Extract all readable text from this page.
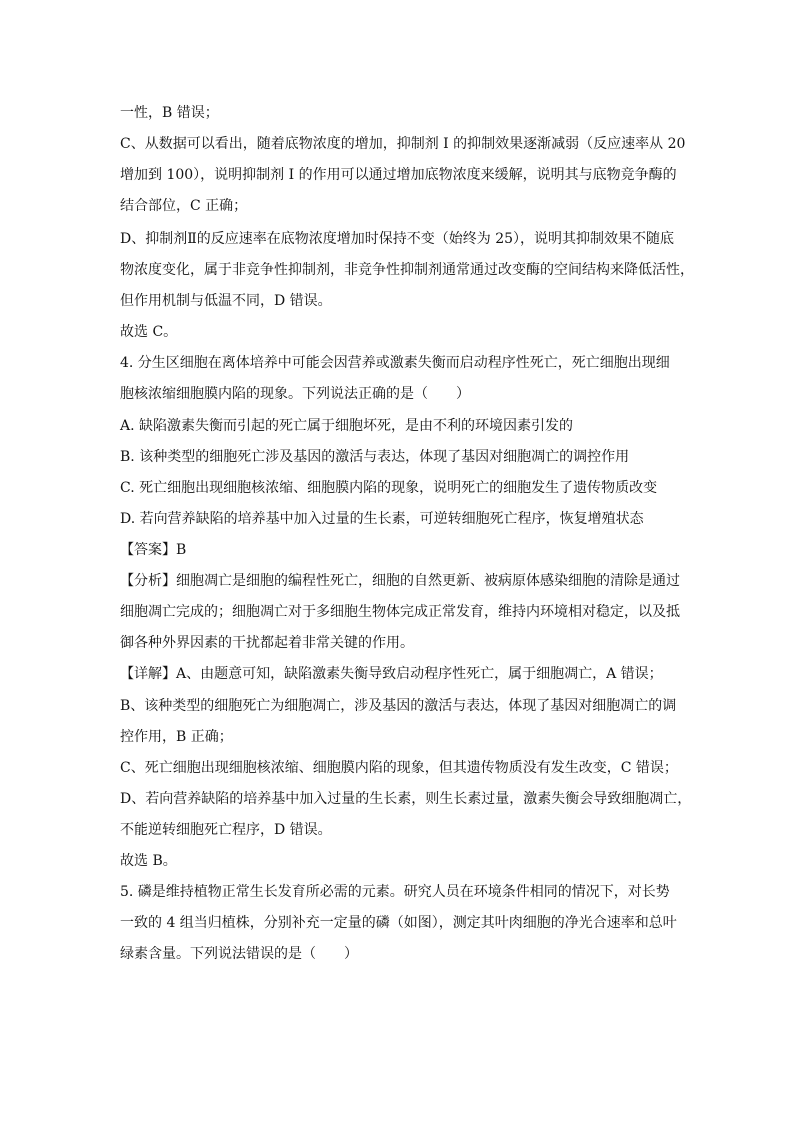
一性，B 错误；
C、从数据可以看出，随着底物浓度的增加，抑制剂 I 的抑制效果逐渐减弱（反应速率从 20
增加到 100），说明抑制剂 I 的作用可以通过增加底物浓度来缓解，说明其与底物竞争酶的
结合部位，C 正确；
D、抑制剂Ⅱ的反应速率在底物浓度增加时保持不变（始终为 25），说明其抑制效果不随底
物浓度变化，属于非竞争性抑制剂，非竞争性抑制剂通常通过改变酶的空间结构来降低活性，
但作用机制与低温不同，D 错误。
故选 C。
4. 分生区细胞在离体培养中可能会因营养或激素失衡而启动程序性死亡，死亡细胞出现细
胞核浓缩细胞膜内陷的现象。下列说法正确的是（　　）
A. 缺陷激素失衡而引起的死亡属于细胞坏死，是由不利的环境因素引发的
B. 该种类型的细胞死亡涉及基因的激活与表达，体现了基因对细胞凋亡的调控作用
C. 死亡细胞出现细胞核浓缩、细胞膜内陷的现象，说明死亡的细胞发生了遗传物质改变
D. 若向营养缺陷的培养基中加入过量的生长素，可逆转细胞死亡程序，恢复增殖状态
【答案】B
【分析】细胞凋亡是细胞的编程性死亡，细胞的自然更新、被病原体感染细胞的清除是通过
细胞凋亡完成的；细胞凋亡对于多细胞生物体完成正常发育，维持内环境相对稳定，以及抵
御各种外界因素的干扰都起着非常关键的作用。
【详解】A、由题意可知，缺陷激素失衡导致启动程序性死亡，属于细胞凋亡，A 错误；
B、该种类型的细胞死亡为细胞凋亡，涉及基因的激活与表达，体现了基因对细胞凋亡的调
控作用，B 正确；
C、死亡细胞出现细胞核浓缩、细胞膜内陷的现象，但其遗传物质没有发生改变，C 错误；
D、若向营养缺陷的培养基中加入过量的生长素，则生长素过量，激素失衡会导致细胞凋亡，
不能逆转细胞死亡程序，D 错误。
故选 B。
5. 磷是维持植物正常生长发育所必需的元素。研究人员在环境条件相同的情况下，对长势
一致的 4 组当归植株，分别补充一定量的磷（如图），测定其叶肉细胞的净光合速率和总叶
绿素含量。下列说法错误的是（　　）
